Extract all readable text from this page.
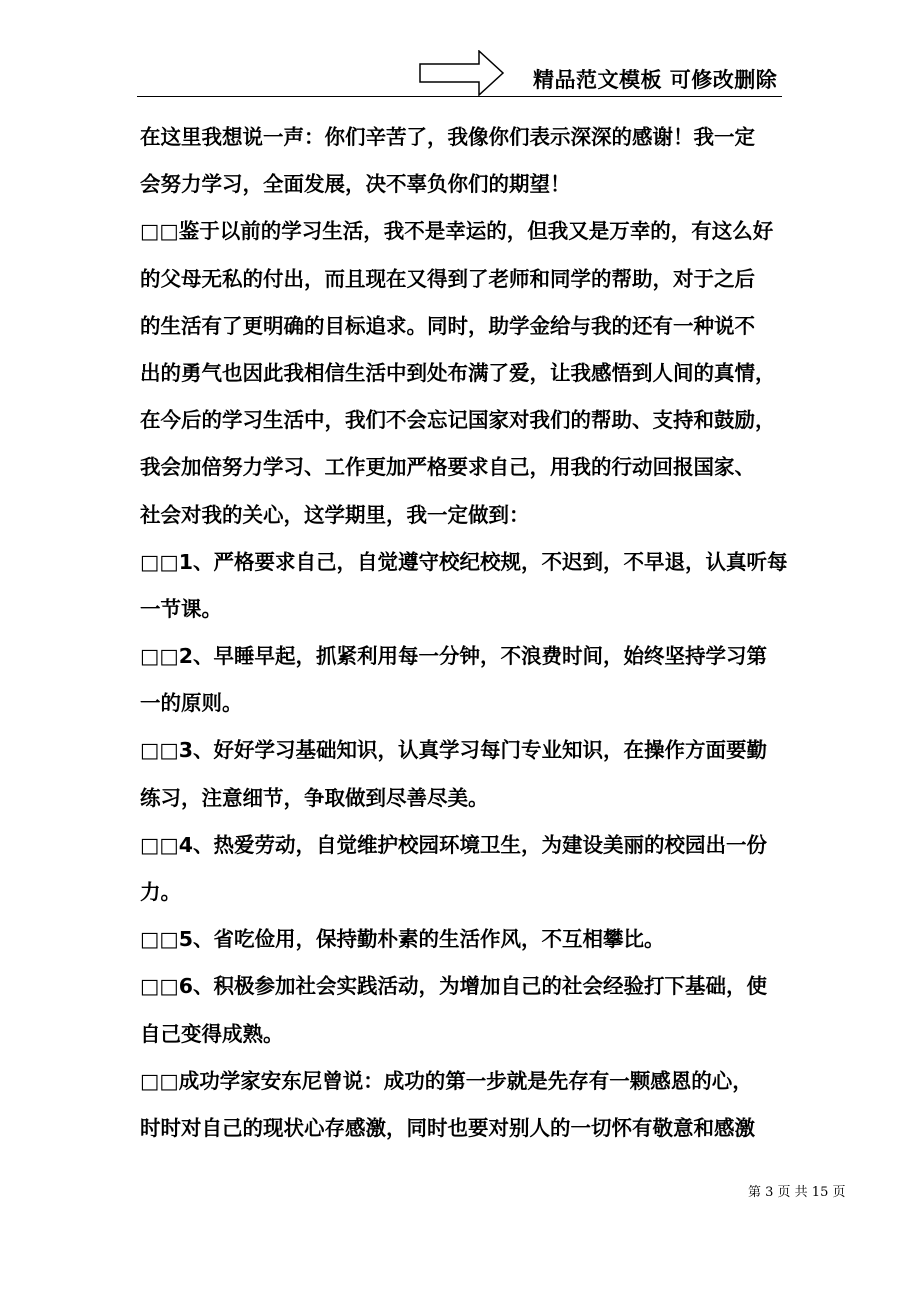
精品范文模板 可修改删除
在这里我想说一声：你们辛苦了，我像你们表示深深的感谢！我一定
会努力学习，全面发展，决不辜负你们的期望！
□□鉴于以前的学习生活，我不是幸运的，但我又是万幸的，有这么好
的父母无私的付出，而且现在又得到了老师和同学的帮助，对于之后
的生活有了更明确的目标追求。同时，助学金给与我的还有一种说不
出的勇气也因此我相信生活中到处布满了爱，让我感悟到人间的真情，
在今后的学习生活中，我们不会忘记国家对我们的帮助、支持和鼓励，
我会加倍努力学习、工作更加严格要求自己，用我的行动回报国家、
社会对我的关心，这学期里，我一定做到：
□□1、严格要求自己，自觉遵守校纪校规，不迟到，不早退，认真听每
一节课。
□□2、早睡早起，抓紧利用每一分钟，不浪费时间，始终坚持学习第
一的原则。
□□3、好好学习基础知识，认真学习每门专业知识，在操作方面要勤
练习，注意细节，争取做到尽善尽美。
□□4、热爱劳动，自觉维护校园环境卫生，为建设美丽的校园出一份
力。
□□5、省吃俭用，保持勤朴素的生活作风，不互相攀比。
□□6、积极参加社会实践活动，为增加自己的社会经验打下基础，使
自己变得成熟。
□□成功学家安东尼曾说：成功的第一步就是先存有一颗感恩的心，
时时对自己的现状心存感激，同时也要对别人的一切怀有敬意和感激
第 3 页 共 15 页
